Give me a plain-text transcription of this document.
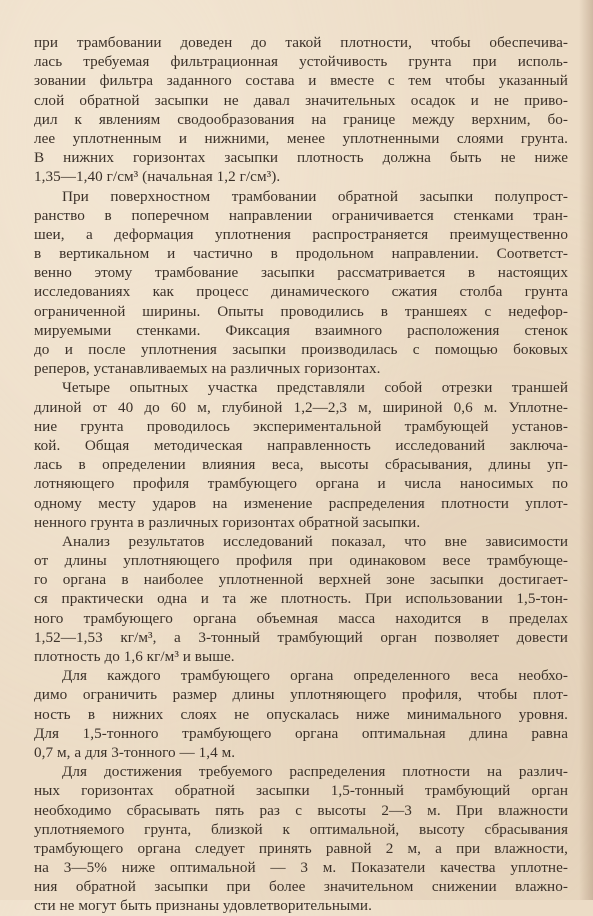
при трамбовании доведен до такой плотности, чтобы обеспечива-
лась требуемая фильтрационная устойчивость грунта при исполь-
зовании фильтра заданного состава и вместе с тем чтобы указанный
слой обратной засыпки не давал значительных осадок и не приво-
дил к явлениям сводообразования на границе между верхним, бо-
лее уплотненным и нижними, менее уплотненными слоями грунта.
В нижних горизонтах засыпки плотность должна быть не ниже
1,35—1,40 г/см³ (начальная 1,2 г/см³).
При поверхностном трамбовании обратной засыпки полупрост-
ранство в поперечном направлении ограничивается стенками тран-
шеи, а деформация уплотнения распространяется преимущественно
в вертикальном и частично в продольном направлении. Соответст-
венно этому трамбование засыпки рассматривается в настоящих
исследованиях как процесс динамического сжатия столба грунта
ограниченной ширины. Опыты проводились в траншеях с недефор-
мируемыми стенками. Фиксация взаимного расположения стенок
до и после уплотнения засыпки производилась с помощью боковых
реперов, устанавливаемых на различных горизонтах.
Четыре опытных участка представляли собой отрезки траншей
длиной от 40 до 60 м, глубиной 1,2—2,3 м, шириной 0,6 м. Уплотне-
ние грунта проводилось экспериментальной трамбующей установ-
кой. Общая методическая направленность исследований заключа-
лась в определении влияния веса, высоты сбрасывания, длины уп-
лотняющего профиля трамбующего органа и числа наносимых по
одному месту ударов на изменение распределения плотности уплот-
ненного грунта в различных горизонтах обратной засыпки.
Анализ результатов исследований показал, что вне зависимости
от длины уплотняющего профиля при одинаковом весе трамбующе-
го органа в наиболее уплотненной верхней зоне засыпки достигает-
ся практически одна и та же плотность. При использовании 1,5-тон-
ного трамбующего органа объемная масса находится в пределах
1,52—1,53 кг/м³, а 3-тонный трамбующий орган позволяет довести
плотность до 1,6 кг/м³ и выше.
Для каждого трамбующего органа определенного веса необхо-
димо ограничить размер длины уплотняющего профиля, чтобы плот-
ность в нижних слоях не опускалась ниже минимального уровня.
Для 1,5-тонного трамбующего органа оптимальная длина равна
0,7 м, а для 3-тонного — 1,4 м.
Для достижения требуемого распределения плотности на различ-
ных горизонтах обратной засыпки 1,5-тонный трамбующий орган
необходимо сбрасывать пять раз с высоты 2—3 м. При влажности
уплотняемого грунта, близкой к оптимальной, высоту сбрасывания
трамбующего органа следует принять равной 2 м, а при влажности,
на 3—5% ниже оптимальной — 3 м. Показатели качества уплотне-
ния обратной засыпки при более значительном снижении влажно-
сти не могут быть признаны удовлетворительными.
